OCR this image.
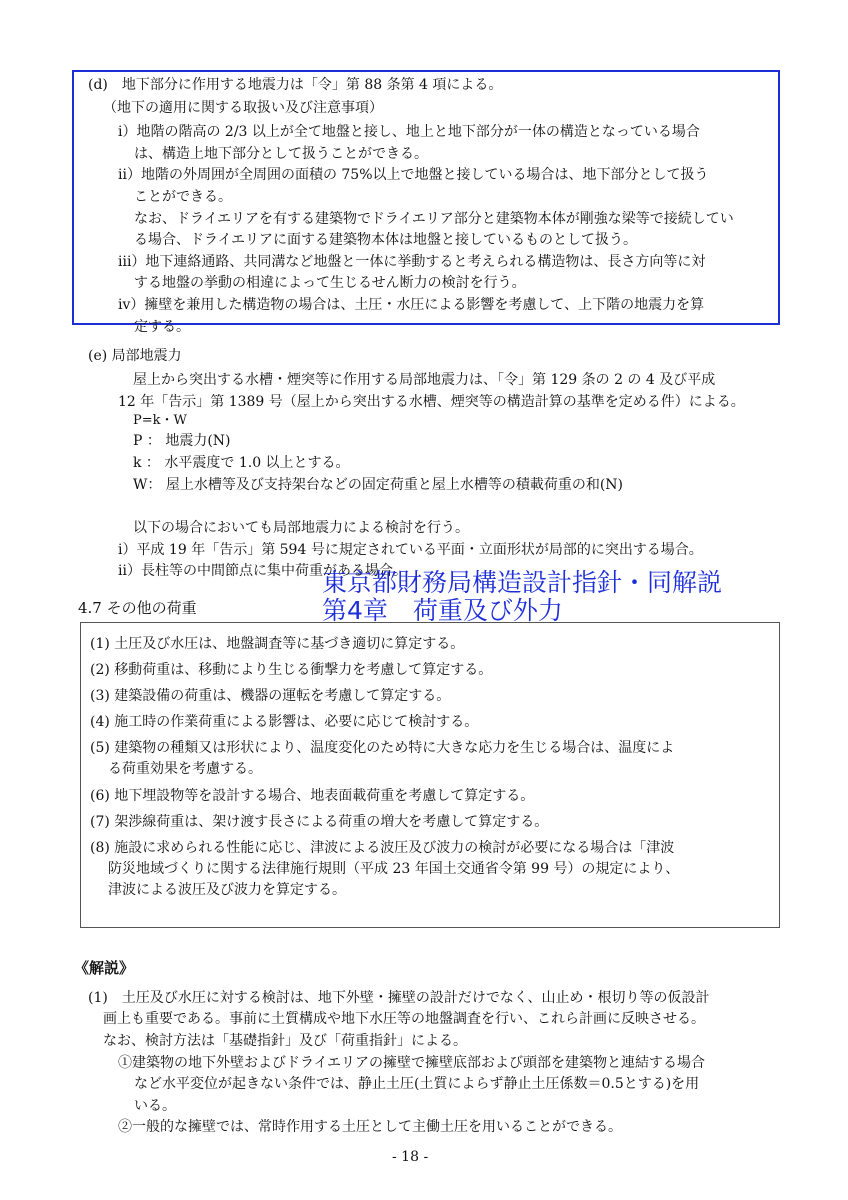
(d)　地下部分に作用する地震力は「令」第 88 条第 4 項による。
（地下の適用に関する取扱い及び注意事項）
ⅰ）地階の階高の 2/3 以上が全て地盤と接し、地上と地下部分が一体の構造となっている場合
は、構造上地下部分として扱うことができる。
ⅱ）地階の外周囲が全周囲の面積の 75%以上で地盤と接している場合は、地下部分として扱う
ことができる。
なお、ドライエリアを有する建築物でドライエリア部分と建築物本体が剛強な梁等で接続してい
る場合、ドライエリアに面する建築物本体は地盤と接しているものとして扱う。
ⅲ）地下連絡通路、共同溝など地盤と一体に挙動すると考えられる構造物は、長さ方向等に対
する地盤の挙動の相違によって生じるせん断力の検討を行う。
ⅳ）擁壁を兼用した構造物の場合は、土圧・水圧による影響を考慮して、上下階の地震力を算
定する。
(e) 局部地震力
屋上から突出する水槽・煙突等に作用する局部地震力は、「令」第 129 条の 2 の 4 及び平成
12 年「告示」第 1389 号（屋上から突出する水槽、煙突等の構造計算の基準を定める件）による。
P=k・W
P ： 地震力(N)
k ： 水平震度で 1.0 以上とする。
W： 屋上水槽等及び支持架台などの固定荷重と屋上水槽等の積載荷重の和(N)
以下の場合においても局部地震力による検討を行う。
ⅰ）平成 19 年「告示」第 594 号に規定されている平面・立面形状が局部的に突出する場合。
ⅱ）長柱等の中間節点に集中荷重がある場合。
4.7 その他の荷重
東京都財務局構造設計指針・同解説
第4章　荷重及び外力
(1) 土圧及び水圧は、地盤調査等に基づき適切に算定する。
(2) 移動荷重は、移動により生じる衝撃力を考慮して算定する。
(3) 建築設備の荷重は、機器の運転を考慮して算定する。
(4) 施工時の作業荷重による影響は、必要に応じて検討する。
(5) 建築物の種類又は形状により、温度変化のため特に大きな応力を生じる場合は、温度によ
る荷重効果を考慮する。
(6) 地下埋設物等を設計する場合、地表面載荷重を考慮して算定する。
(7) 架渉線荷重は、架け渡す長さによる荷重の増大を考慮して算定する。
(8) 施設に求められる性能に応じ、津波による波圧及び波力の検討が必要になる場合は「津波
防災地域づくりに関する法律施行規則（平成 23 年国土交通省令第 99 号）の規定により、
津波による波圧及び波力を算定する。
《解説》
(1)　土圧及び水圧に対する検討は、地下外壁・擁壁の設計だけでなく、山止め・根切り等の仮設計
画上も重要である。事前に土質構成や地下水圧等の地盤調査を行い、これら計画に反映させる。
なお、検討方法は「基礎指針」及び「荷重指針」による。
①建築物の地下外壁およびドライエリアの擁壁で擁壁底部および頭部を建築物と連結する場合
など水平変位が起きない条件では、静止土圧(土質によらず静止土圧係数＝0.5とする)を用
いる。
②一般的な擁壁では、常時作用する土圧として主働土圧を用いることができる。
- 18 -
